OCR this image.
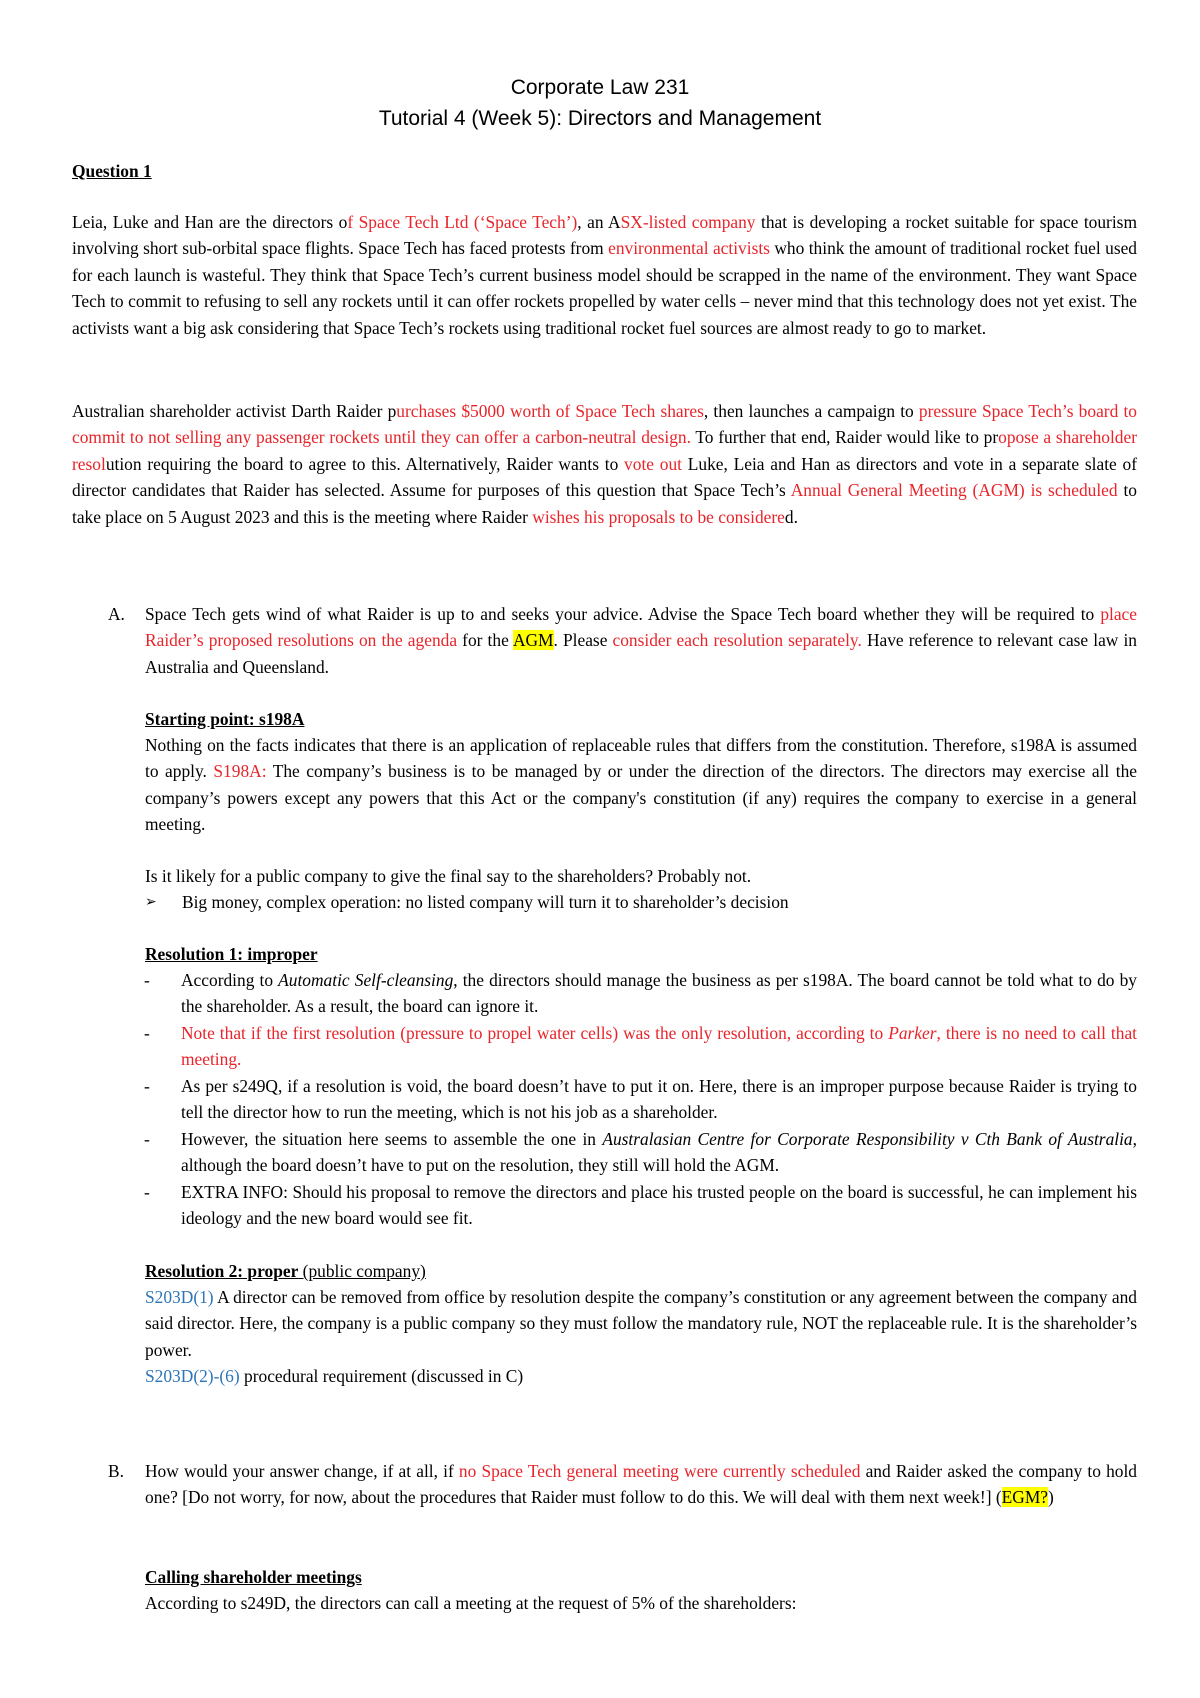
Corporate Law 231
Tutorial 4 (Week 5): Directors and Management
Question 1
Leia, Luke and Han are the directors of Space Tech Ltd (‘Space Tech’), an ASX-listed company that is developing a rocket suitable for space tourism involving short sub-orbital space flights. Space Tech has faced protests from environmental activists who think the amount of traditional rocket fuel used for each launch is wasteful. They think that Space Tech’s current business model should be scrapped in the name of the environment. They want Space Tech to commit to refusing to sell any rockets until it can offer rockets propelled by water cells – never mind that this technology does not yet exist. The activists want a big ask considering that Space Tech’s rockets using traditional rocket fuel sources are almost ready to go to market.
Australian shareholder activist Darth Raider purchases $5000 worth of Space Tech shares, then launches a campaign to pressure Space Tech’s board to commit to not selling any passenger rockets until they can offer a carbon-neutral design. To further that end, Raider would like to propose a shareholder resolution requiring the board to agree to this. Alternatively, Raider wants to vote out Luke, Leia and Han as directors and vote in a separate slate of director candidates that Raider has selected. Assume for purposes of this question that Space Tech’s Annual General Meeting (AGM) is scheduled to take place on 5 August 2023 and this is the meeting where Raider wishes his proposals to be considered.
A. Space Tech gets wind of what Raider is up to and seeks your advice. Advise the Space Tech board whether they will be required to place Raider’s proposed resolutions on the agenda for the AGM. Please consider each resolution separately. Have reference to relevant case law in Australia and Queensland.
Starting point: s198A
Nothing on the facts indicates that there is an application of replaceable rules that differs from the constitution. Therefore, s198A is assumed to apply. S198A: The company’s business is to be managed by or under the direction of the directors. The directors may exercise all the company’s powers except any powers that this Act or the company's constitution (if any) requires the company to exercise in a general meeting.
Is it likely for a public company to give the final say to the shareholders? Probably not.
➢ Big money, complex operation: no listed company will turn it to shareholder’s decision
Resolution 1: improper
- According to Automatic Self-cleansing, the directors should manage the business as per s198A. The board cannot be told what to do by the shareholder. As a result, the board can ignore it.
- Note that if the first resolution (pressure to propel water cells) was the only resolution, according to Parker, there is no need to call that meeting.
- As per s249Q, if a resolution is void, the board doesn’t have to put it on. Here, there is an improper purpose because Raider is trying to tell the director how to run the meeting, which is not his job as a shareholder.
- However, the situation here seems to assemble the one in Australasian Centre for Corporate Responsibility v Cth Bank of Australia, although the board doesn’t have to put on the resolution, they still will hold the AGM.
- EXTRA INFO: Should his proposal to remove the directors and place his trusted people on the board is successful, he can implement his ideology and the new board would see fit.
Resolution 2: proper (public company)
S203D(1) A director can be removed from office by resolution despite the company’s constitution or any agreement between the company and said director. Here, the company is a public company so they must follow the mandatory rule, NOT the replaceable rule. It is the shareholder’s power.
S203D(2)-(6) procedural requirement (discussed in C)
B. How would your answer change, if at all, if no Space Tech general meeting were currently scheduled and Raider asked the company to hold one? [Do not worry, for now, about the procedures that Raider must follow to do this. We will deal with them next week!] (EGM?)
Calling shareholder meetings
According to s249D, the directors can call a meeting at the request of 5% of the shareholders:
